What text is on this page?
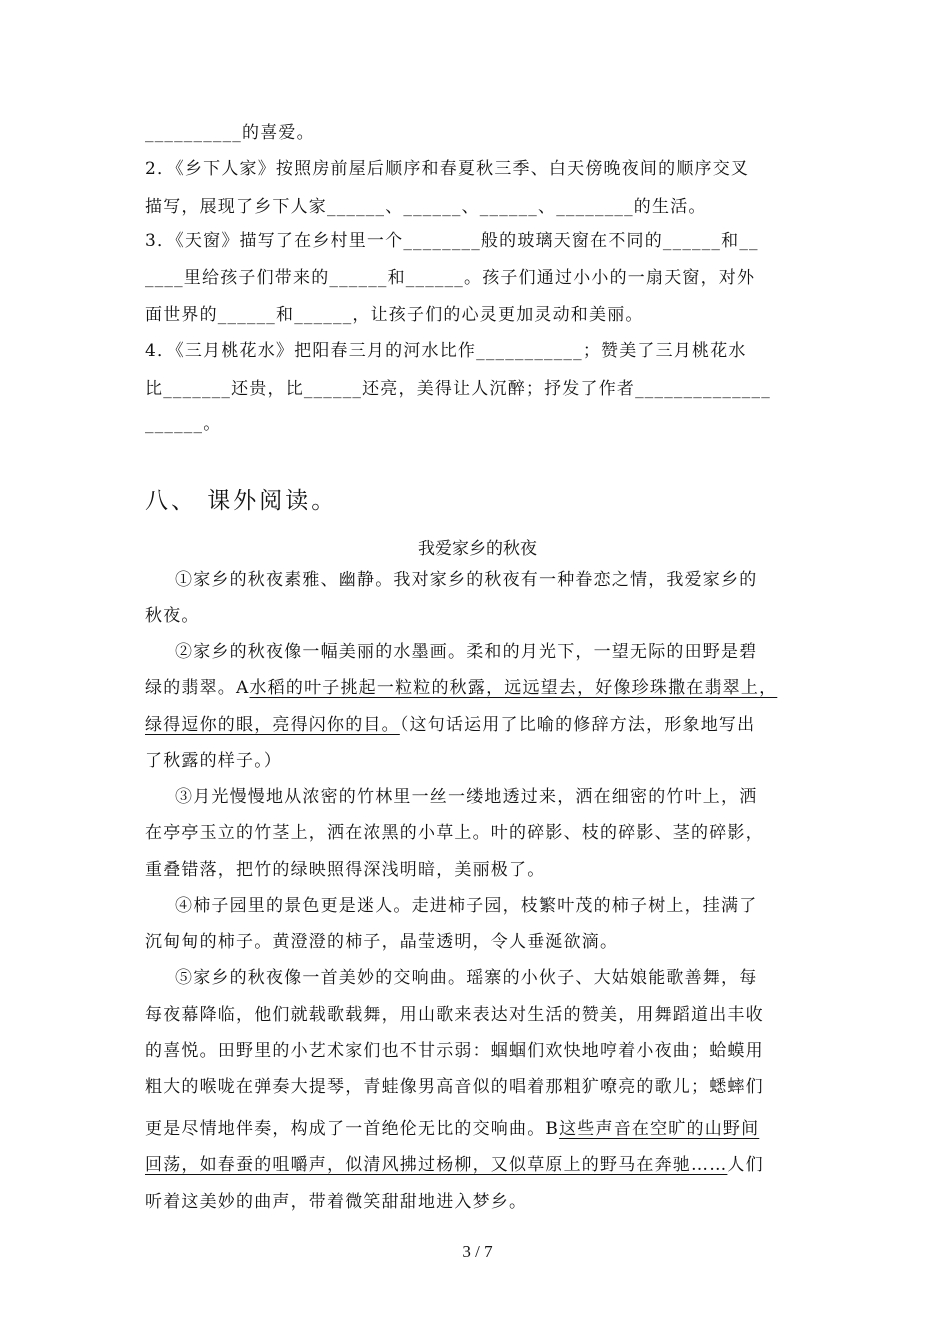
__________的喜爱。
2．《乡下人家》按照房前屋后顺序和春夏秋三季、白天傍晚夜间的顺序交叉
描写，展现了乡下人家______、______、______、________的生活。
3．《天窗》描写了在乡村里一个________般的玻璃天窗在不同的______和__
____里给孩子们带来的______和______。孩子们通过小小的一扇天窗，对外
面世界的______和______，让孩子们的心灵更加灵动和美丽。
4．《三月桃花水》把阳春三月的河水比作___________；赞美了三月桃花水
比_______还贵，比______还亮，美得让人沉醉；抒发了作者______________
______。
八、 课外阅读。
我爱家乡的秋夜
①家乡的秋夜素雅、幽静。我对家乡的秋夜有一种眷恋之情，我爱家乡的
秋夜。
②家乡的秋夜像一幅美丽的水墨画。柔和的月光下，一望无际的田野是碧
绿的翡翠。A水稻的叶子挑起一粒粒的秋露，远远望去，好像珍珠撒在翡翠上，
绿得逗你的眼，亮得闪你的目。（这句话运用了比喻的修辞方法，形象地写出
了秋露的样子。）
③月光慢慢地从浓密的竹林里一丝一缕地透过来，洒在细密的竹叶上，洒
在亭亭玉立的竹茎上，洒在浓黑的小草上。叶的碎影、枝的碎影、茎的碎影，
重叠错落，把竹的绿映照得深浅明暗，美丽极了。
④柿子园里的景色更是迷人。走进柿子园，枝繁叶茂的柿子树上，挂满了
沉甸甸的柿子。黄澄澄的柿子，晶莹透明，令人垂涎欲滴。
⑤家乡的秋夜像一首美妙的交响曲。瑶寨的小伙子、大姑娘能歌善舞，每
每夜幕降临，他们就载歌载舞，用山歌来表达对生活的赞美，用舞蹈道出丰收
的喜悦。田野里的小艺术家们也不甘示弱：蝈蝈们欢快地哼着小夜曲；蛤蟆用
粗大的喉咙在弹奏大提琴，青蛙像男高音似的唱着那粗犷嘹亮的歌儿；蟋蟀们
更是尽情地伴奏，构成了一首绝伦无比的交响曲。B这些声音在空旷的山野间
回荡，如春蚕的咀嚼声，似清风拂过杨柳，又似草原上的野马在奔驰……人们
听着这美妙的曲声，带着微笑甜甜地进入梦乡。
3 / 7
